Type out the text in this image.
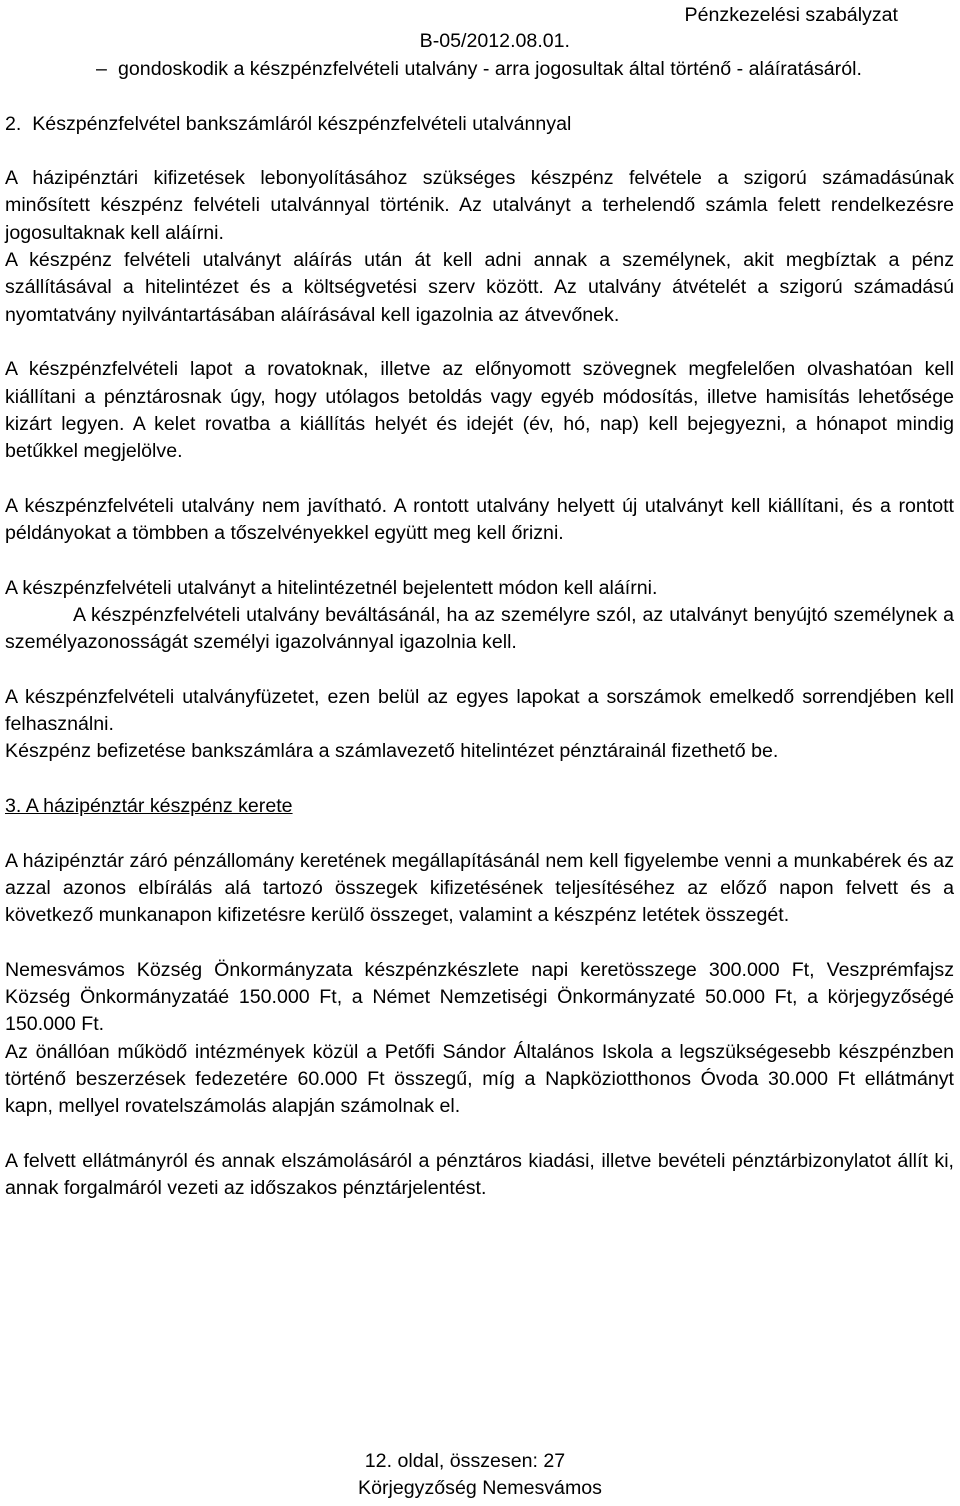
Pénzkezelési szabályzat
B-05/2012.08.01.
– gondoskodik a készpénzfelvételi utalvány - arra jogosultak által történő - aláíratásáról.

2.  Készpénzfelvétel bankszámláról készpénzfelvételi utalvánnyal

A házipénztári kifizetések lebonyolításához szükséges készpénz felvétele a szigorú számadásúnak minősített készpénz felvételi utalvánnyal történik. Az utalványt a terhelendő számla felett rendelkezésre jogosultaknak kell aláírni.

A készpénz felvételi utalványt aláírás után át kell adni annak a személynek, akit megbíztak a pénz szállításával a hitelintézet és a költségvetési szerv között. Az utalvány átvételét a szigorú számadású nyomtatvány nyilvántartásában aláírásával kell igazolnia az átvevőnek.

A készpénzfelvételi lapot a rovatoknak, illetve az előnyomott szövegnek megfelelően olvashatóan kell kiállítani a pénztárosnak úgy, hogy utólagos betoldás vagy egyéb módosítás, illetve hamisítás lehetősége kizárt legyen. A kelet rovatba a kiállítás helyét és idejét (év, hó, nap) kell bejegyezni, a hónapot mindig betűkkel megjelölve.

A készpénzfelvételi utalvány nem javítható. A rontott utalvány helyett új utalványt kell kiállítani, és a rontott példányokat a tömbben a tőszelvényekkel együtt meg kell őrizni.

A készpénzfelvételi utalványt a hitelintézetnél bejelentett módon kell aláírni.

A készpénzfelvételi utalvány beváltásánál, ha az személyre szól, az utalványt benyújtó személynek a személyazonosságát személyi igazolvánnyal igazolnia kell.

A készpénzfelvételi utalványfüzetet, ezen belül az egyes lapokat a sorszámok emelkedő sorrendjében kell felhasználni.

Készpénz befizetése bankszámlára a számlavezető hitelintézet pénztárainál fizethető be.

3. A házipénztár készpénz kerete

A házipénztár záró pénzállomány keretének megállapításánál nem kell figyelembe venni a munkabérek és az azzal azonos elbírálás alá tartozó összegek kifizetésének teljesítéséhez az előző napon felvett és a következő munkanapon kifizetésre kerülő összeget, valamint a készpénz letétek összegét.

Nemesvámos Község Önkormányzata készpénzkészlete napi keretösszege 300.000 Ft, Veszprémfajsz Község Önkormányzatáé 150.000 Ft, a Német Nemzetiségi Önkormányzaté 50.000 Ft, a körjegyzőségé 150.000 Ft.

Az önállóan működő intézmények közül a Petőfi Sándor Általános Iskola a legszükségesebb készpénzben történő beszerzések fedezetére 60.000 Ft összegű, míg a Napköziotthonos Óvoda 30.000 Ft ellátmányt kapn, mellyel rovatelszámolás alapján számolnak el.

A felvett ellátmányról és annak elszámolásáról a pénztáros kiadási, illetve bevételi pénztárbizonylatot állít ki, annak forgalmáról vezeti az időszakos pénztárjelentést.

12. oldal, összesen: 27
Körjegyzőség Nemesvámos
